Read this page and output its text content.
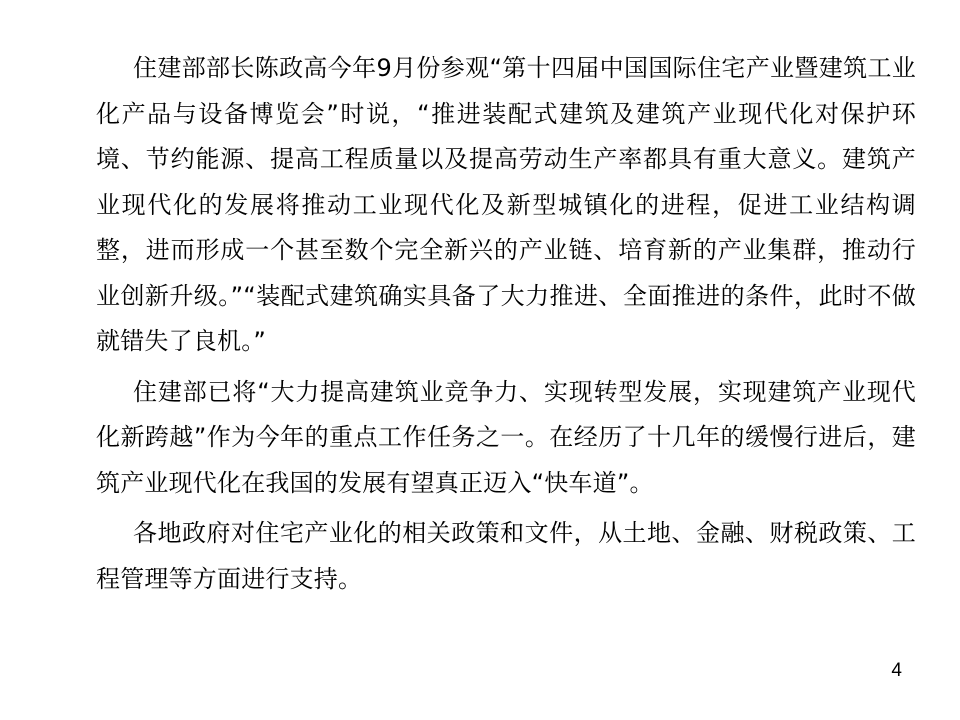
住建部部长陈政高今年9月份参观“第十四届中国国际住宅产业暨建筑工业化产品与设备博览会”时说，“推进装配式建筑及建筑产业现代化对保护环境、节约能源、提高工程质量以及提高劳动生产率都具有重大意义。建筑产业现代化的发展将推动工业现代化及新型城镇化的进程，促进工业结构调整，进而形成一个甚至数个完全新兴的产业链、培育新的产业集群，推动行业创新升级。”“装配式建筑确实具备了大力推进、全面推进的条件，此时不做就错失了良机。”

住建部已将“大力提高建筑业竞争力、实现转型发展，实现建筑产业现代化新跨越”作为今年的重点工作任务之一。在经历了十几年的缓慢行进后，建筑产业现代化在我国的发展有望真正迈入“快车道”。

各地政府对住宅产业化的相关政策和文件，从土地、金融、财税政策、工程管理等方面进行支持。

4
